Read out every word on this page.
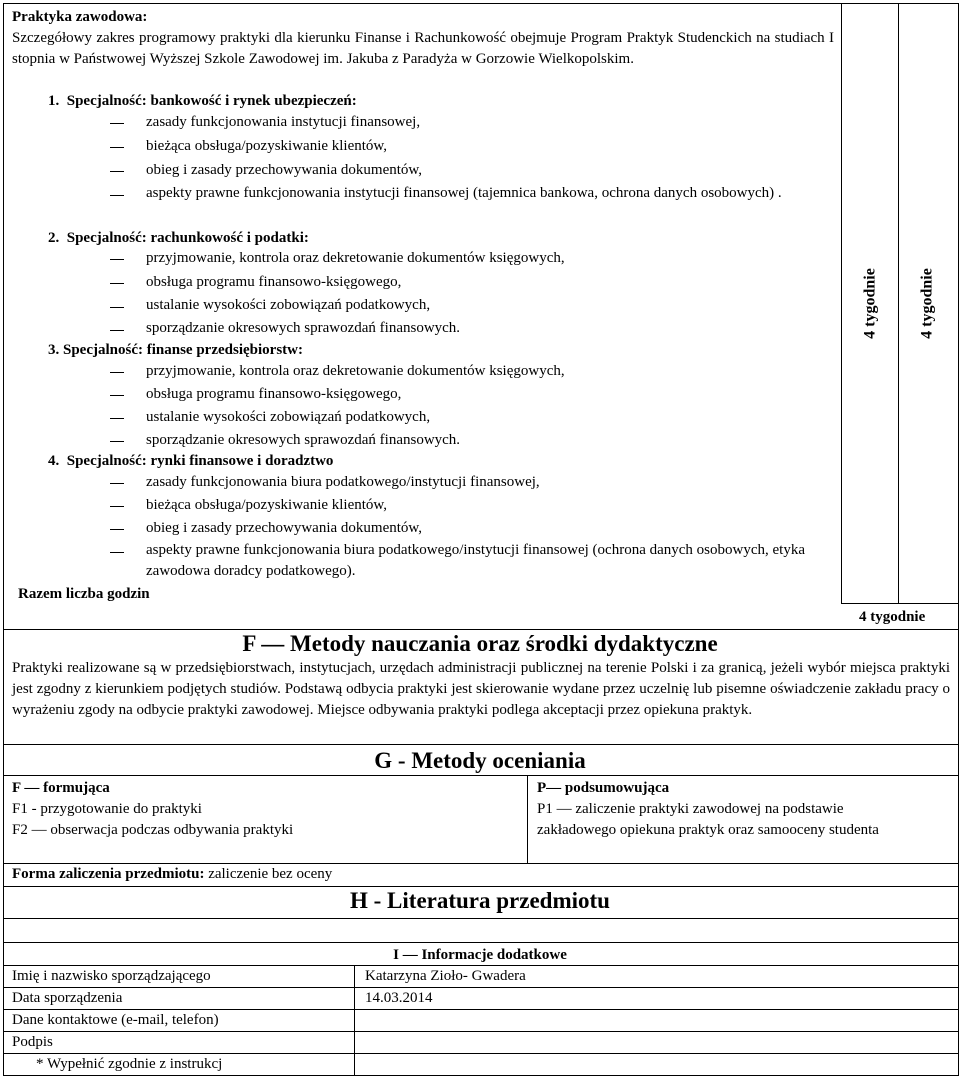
Praktyka zawodowa:
Szczegółowy zakres programowy praktyki dla kierunku Finanse i Rachunkowość obejmuje Program Praktyk Studenckich na studiach I stopnia w Państwowej Wyższej Szkole Zawodowej im. Jakuba z Paradyża w Gorzowie Wielkopolskim.
1. Specjalność: bankowość i rynek ubezpieczeń:
zasady funkcjonowania instytucji finansowej,
bieżąca obsługa/pozyskiwanie klientów,
obieg i zasady przechowywania dokumentów,
aspekty prawne funkcjonowania instytucji finansowej (tajemnica bankowa, ochrona danych osobowych) .
2. Specjalność: rachunkowość i podatki:
przyjmowanie, kontrola oraz dekretowanie dokumentów księgowych,
obsługa programu finansowo-księgowego,
ustalanie wysokości zobowiązań podatkowych,
sporządzanie okresowych sprawozdań finansowych.
3. Specjalność: finanse przedsiębiorstw:
przyjmowanie, kontrola oraz dekretowanie dokumentów księgowych,
obsługa programu finansowo-księgowego,
ustalanie wysokości zobowiązań podatkowych,
sporządzanie okresowych sprawozdań finansowych.
4. Specjalność: rynki finansowe i doradztwo
zasady funkcjonowania biura podatkowego/instytucji finansowej,
bieżąca obsługa/pozyskiwanie klientów,
obieg i zasady przechowywania dokumentów,
aspekty prawne funkcjonowania biura podatkowego/instytucji finansowej (ochrona danych osobowych, etyka zawodowa doradcy podatkowego).
Razem liczba godzin
4 tygodnie	4 tygodnie
4 tygodnie
F — Metody nauczania oraz środki dydaktyczne
Praktyki realizowane są w przedsiębiorstwach, instytucjach, urzędach administracji publicznej na terenie Polski i za granicą, jeżeli wybór miejsca praktyki jest zgodny z kierunkiem podjętych studiów. Podstawą odbycia praktyki jest skierowanie wydane przez uczelnię lub pisemne oświadczenie zakładu pracy o wyrażeniu zgody na odbycie praktyki zawodowej. Miejsce odbywania praktyki podlega akceptacji przez opiekuna praktyk.
G - Metody oceniania
F — formująca
F1 - przygotowanie do praktyki
F2 — obserwacja podczas odbywania praktyki
P— podsumowująca
P1 — zaliczenie praktyki zawodowej na podstawie zakładowego opiekuna praktyk oraz samooceny studenta
Forma zaliczenia przedmiotu: zaliczenie bez oceny
H - Literatura przedmiotu
I — Informacje dodatkowe
Imię i nazwisko sporządzającego	Katarzyna Zioło- Gwadera
Data sporządzenia	14.03.2014
Dane kontaktowe (e-mail, telefon)
Podpis
* Wypełnić zgodnie z instrukcj
